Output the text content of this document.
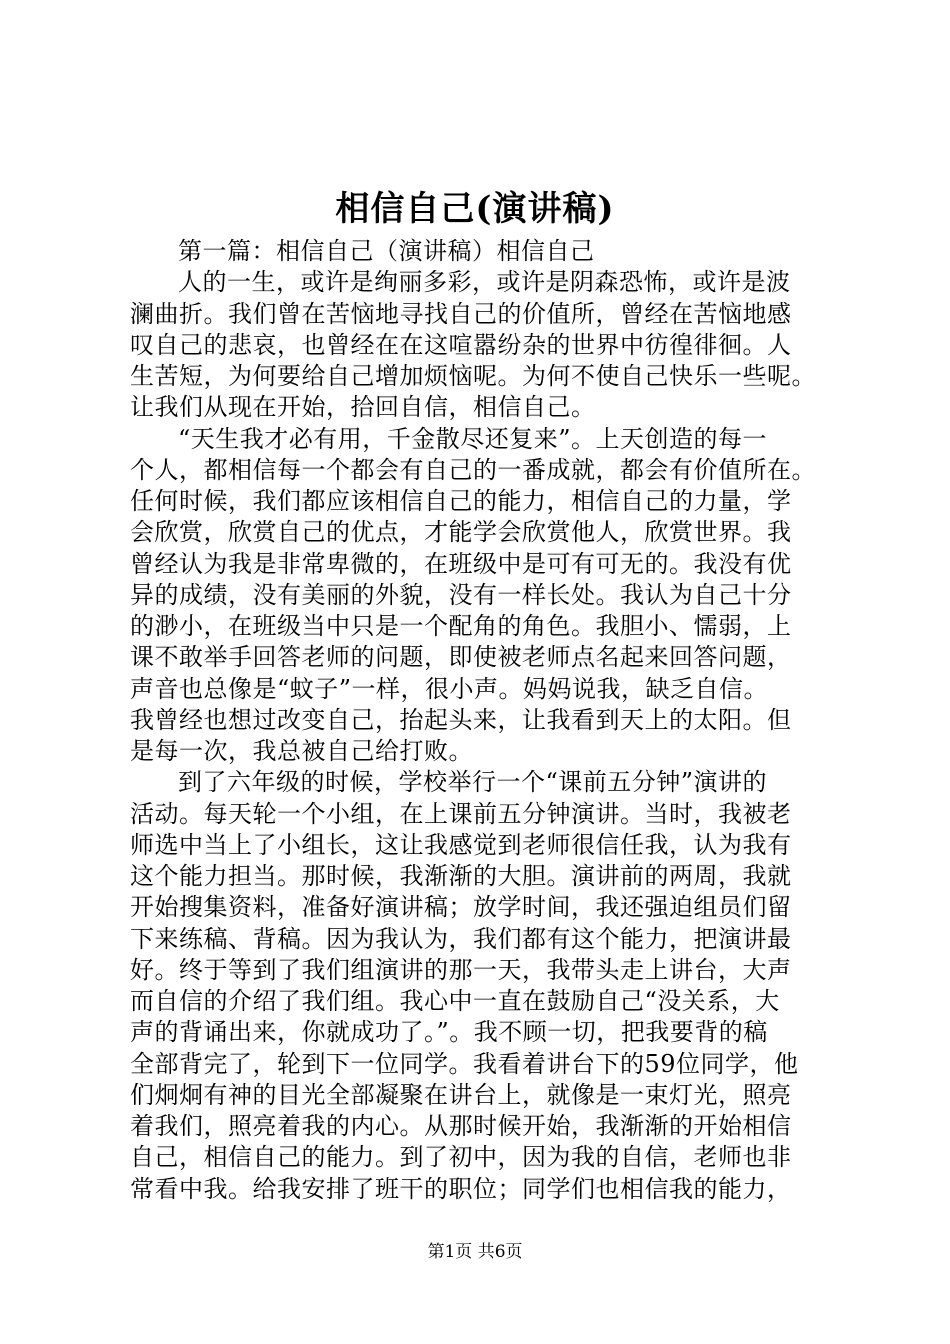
相信自己(演讲稿)
第一篇：相信自己（演讲稿）相信自己
人的一生，或许是绚丽多彩，或许是阴森恐怖，或许是波
澜曲折。我们曾在苦恼地寻找自己的价值所，曾经在苦恼地感
叹自己的悲哀，也曾经在在这喧嚣纷杂的世界中彷徨徘徊。人
生苦短，为何要给自己增加烦恼呢。为何不使自己快乐一些呢。
让我们从现在开始，拾回自信，相信自己。
“天生我才必有用，千金散尽还复来”。上天创造的每一
个人，都相信每一个都会有自己的一番成就，都会有价值所在。
任何时候，我们都应该相信自己的能力，相信自己的力量，学
会欣赏，欣赏自己的优点，才能学会欣赏他人，欣赏世界。我
曾经认为我是非常卑微的，在班级中是可有可无的。我没有优
异的成绩，没有美丽的外貌，没有一样长处。我认为自己十分
的渺小，在班级当中只是一个配角的角色。我胆小、懦弱，上
课不敢举手回答老师的问题，即使被老师点名起来回答问题，
声音也总像是“蚊子”一样，很小声。妈妈说我，缺乏自信。
我曾经也想过改变自己，抬起头来，让我看到天上的太阳。但
是每一次，我总被自己给打败。
到了六年级的时候，学校举行一个“课前五分钟”演讲的
活动。每天轮一个小组，在上课前五分钟演讲。当时，我被老
师选中当上了小组长，这让我感觉到老师很信任我，认为我有
这个能力担当。那时候，我渐渐的大胆。演讲前的两周，我就
开始搜集资料，准备好演讲稿；放学时间，我还强迫组员们留
下来练稿、背稿。因为我认为，我们都有这个能力，把演讲最
好。终于等到了我们组演讲的那一天，我带头走上讲台，大声
而自信的介绍了我们组。我心中一直在鼓励自己“没关系，大
声的背诵出来，你就成功了。”。我不顾一切，把我要背的稿
全部背完了，轮到下一位同学。我看着讲台下的59位同学，他
们炯炯有神的目光全部凝聚在讲台上，就像是一束灯光，照亮
着我们，照亮着我的内心。从那时候开始，我渐渐的开始相信
自己，相信自己的能力。到了初中，因为我的自信，老师也非
常看中我。给我安排了班干的职位；同学们也相信我的能力，
第1页 共6页
